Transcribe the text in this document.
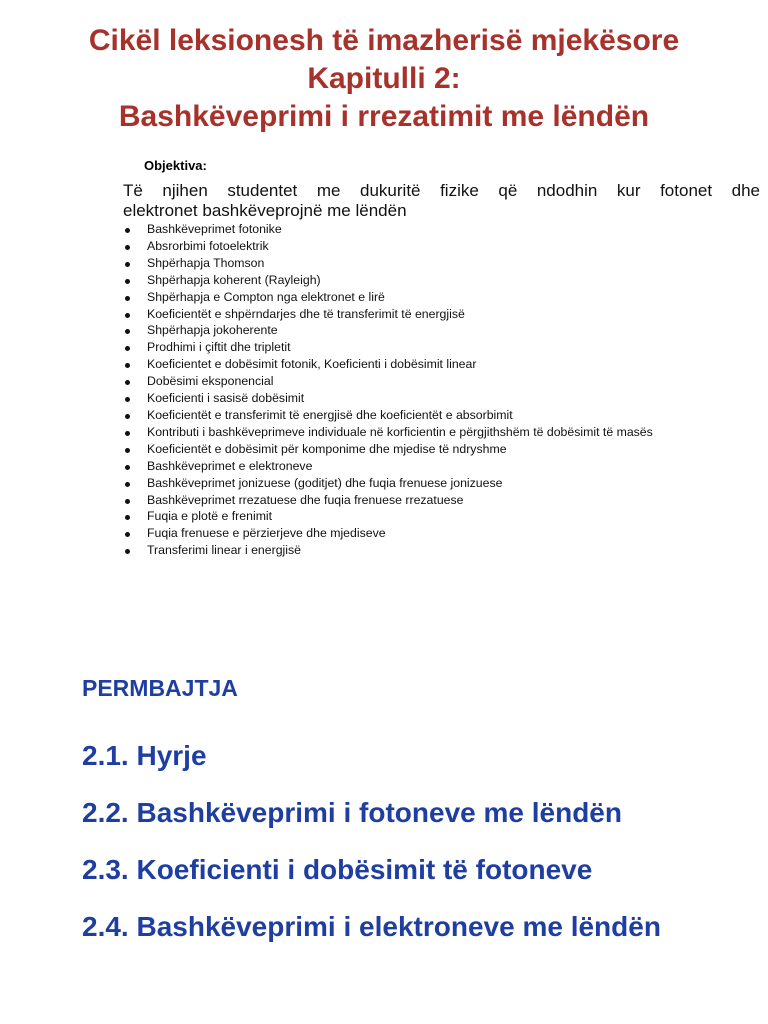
Cikël leksionesh të imazherisë mjekësore
Kapitulli 2:
Bashkëveprimi i rrezatimit me lëndën
Objektiva:
Të njihen studentet me dukuritë fizike që ndodhin kur fotonet dhe
elektronet bashkëveprojnë me lëndën
Bashkëveprimet fotonike
Absrorbimi fotoelektrik
Shpërhapja Thomson
Shpërhapja koherent (Rayleigh)
Shpërhapja e Compton nga elektronet e lirë
Koeficientët e shpërndarjes dhe të transferimit të energjisë
Shpërhapja jokoherente
Prodhimi i çiftit dhe tripletit
Koeficientet e dobësimit fotonik, Koeficienti i dobësimit linear
Dobësimi eksponencial
Koeficienti i sasisë dobësimit
Koeficientët e transferimit të energjisë dhe koeficientët e absorbimit
Kontributi i bashkëveprimeve individuale në korficientin e përgjithshëm të dobësimit të masës
Koeficientët e dobësimit për komponime dhe mjedise të ndryshme
Bashkëveprimet e elektroneve
Bashkëveprimet jonizuese (goditjet) dhe fuqia frenuese jonizuese
Bashkëveprimet rrezatuese dhe fuqia frenuese rrezatuese
Fuqia e plotë e frenimit
Fuqia frenuese e përzierjeve dhe mjediseve
Transferimi linear i energjisë
PERMBAJTJA
2.1. Hyrje
2.2. Bashkëveprimi i fotoneve me lëndën
2.3. Koeficienti i dobësimit të fotoneve
2.4. Bashkëveprimi i elektroneve me lëndën
